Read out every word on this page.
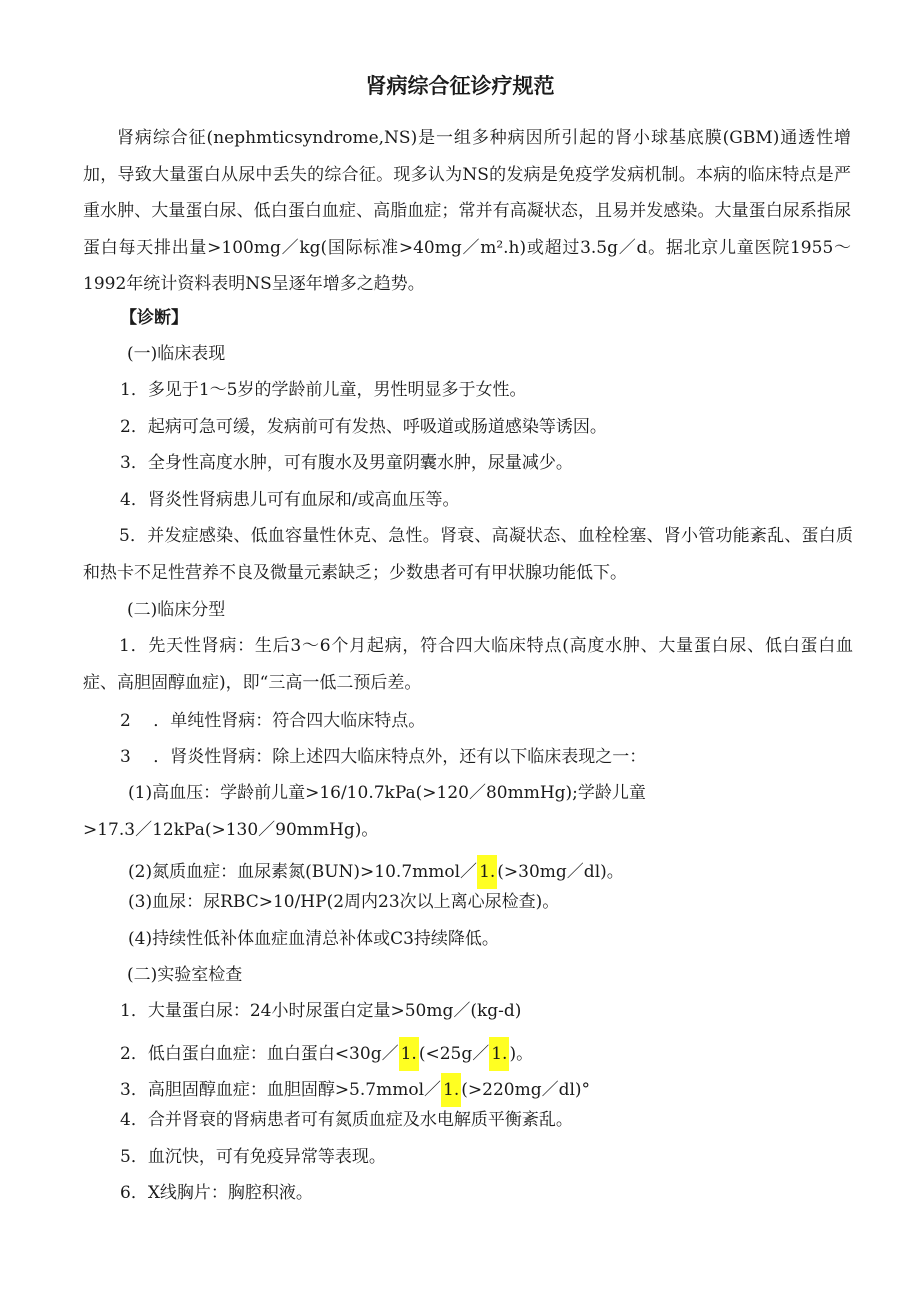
肾病综合征诊疗规范

肾病综合征(nephmticsyndrome,NS)是一组多种病因所引起的肾小球基底膜(GBM)通透性增加，导致大量蛋白从尿中丢失的综合征。现多认为NS的发病是免疫学发病机制。本病的临床特点是严重水肿、大量蛋白尿、低白蛋白血症、高脂血症；常并有高凝状态，且易并发感染。大量蛋白尿系指尿蛋白每天排出量>100mg／kg(国际标准>40mg／m².h)或超过3.5g／d。据北京儿童医院1955～1992年统计资料表明NS呈逐年增多之趋势。

【诊断】
(一)临床表现
1．多见于1～5岁的学龄前儿童，男性明显多于女性。
2．起病可急可缓，发病前可有发热、呼吸道或肠道感染等诱因。
3．全身性高度水肿，可有腹水及男童阴囊水肿，尿量减少。
4．肾炎性肾病患儿可有血尿和/或高血压等。

5．并发症感染、低血容量性休克、急性。肾衰、高凝状态、血栓栓塞、肾小管功能紊乱、蛋白质和热卡不足性营养不良及微量元素缺乏；少数患者可有甲状腺功能低下。

(二)临床分型

1．先天性肾病：生后3～6个月起病，符合四大临床特点(高度水肿、大量蛋白尿、低白蛋白血症、高胆固醇血症)，即“三高一低二预后差。

2　 ．单纯性肾病：符合四大临床特点。
3　 ．肾炎性肾病：除上述四大临床特点外，还有以下临床表现之一：
(1)高血压：学龄前儿童>16/10.7kPa(>120／80mmHg);学龄儿童
>17.3／12kPa(>130／90mmHg)。
(2)氮质血症：血尿素氮(BUN)>10.7mmol／ 1. (>30mg／dl)。
(3)血尿：尿RBC>10/HP(2周内23次以上离心尿检查)。
(4)持续性低补体血症血清总补体或C3持续降低。
(二)实验室检查
1．大量蛋白尿：24小时尿蛋白定量>50mg／(kg-d)
2．低白蛋白血症：血白蛋白<30g／ 1. (<25g／ 1. )。
3．高胆固醇血症：血胆固醇>5.7mmol／ 1. (>220mg／dl)°
4．合并肾衰的肾病患者可有氮质血症及水电解质平衡紊乱。
5．血沉快，可有免疫异常等表现。
6．X线胸片：胸腔积液。
